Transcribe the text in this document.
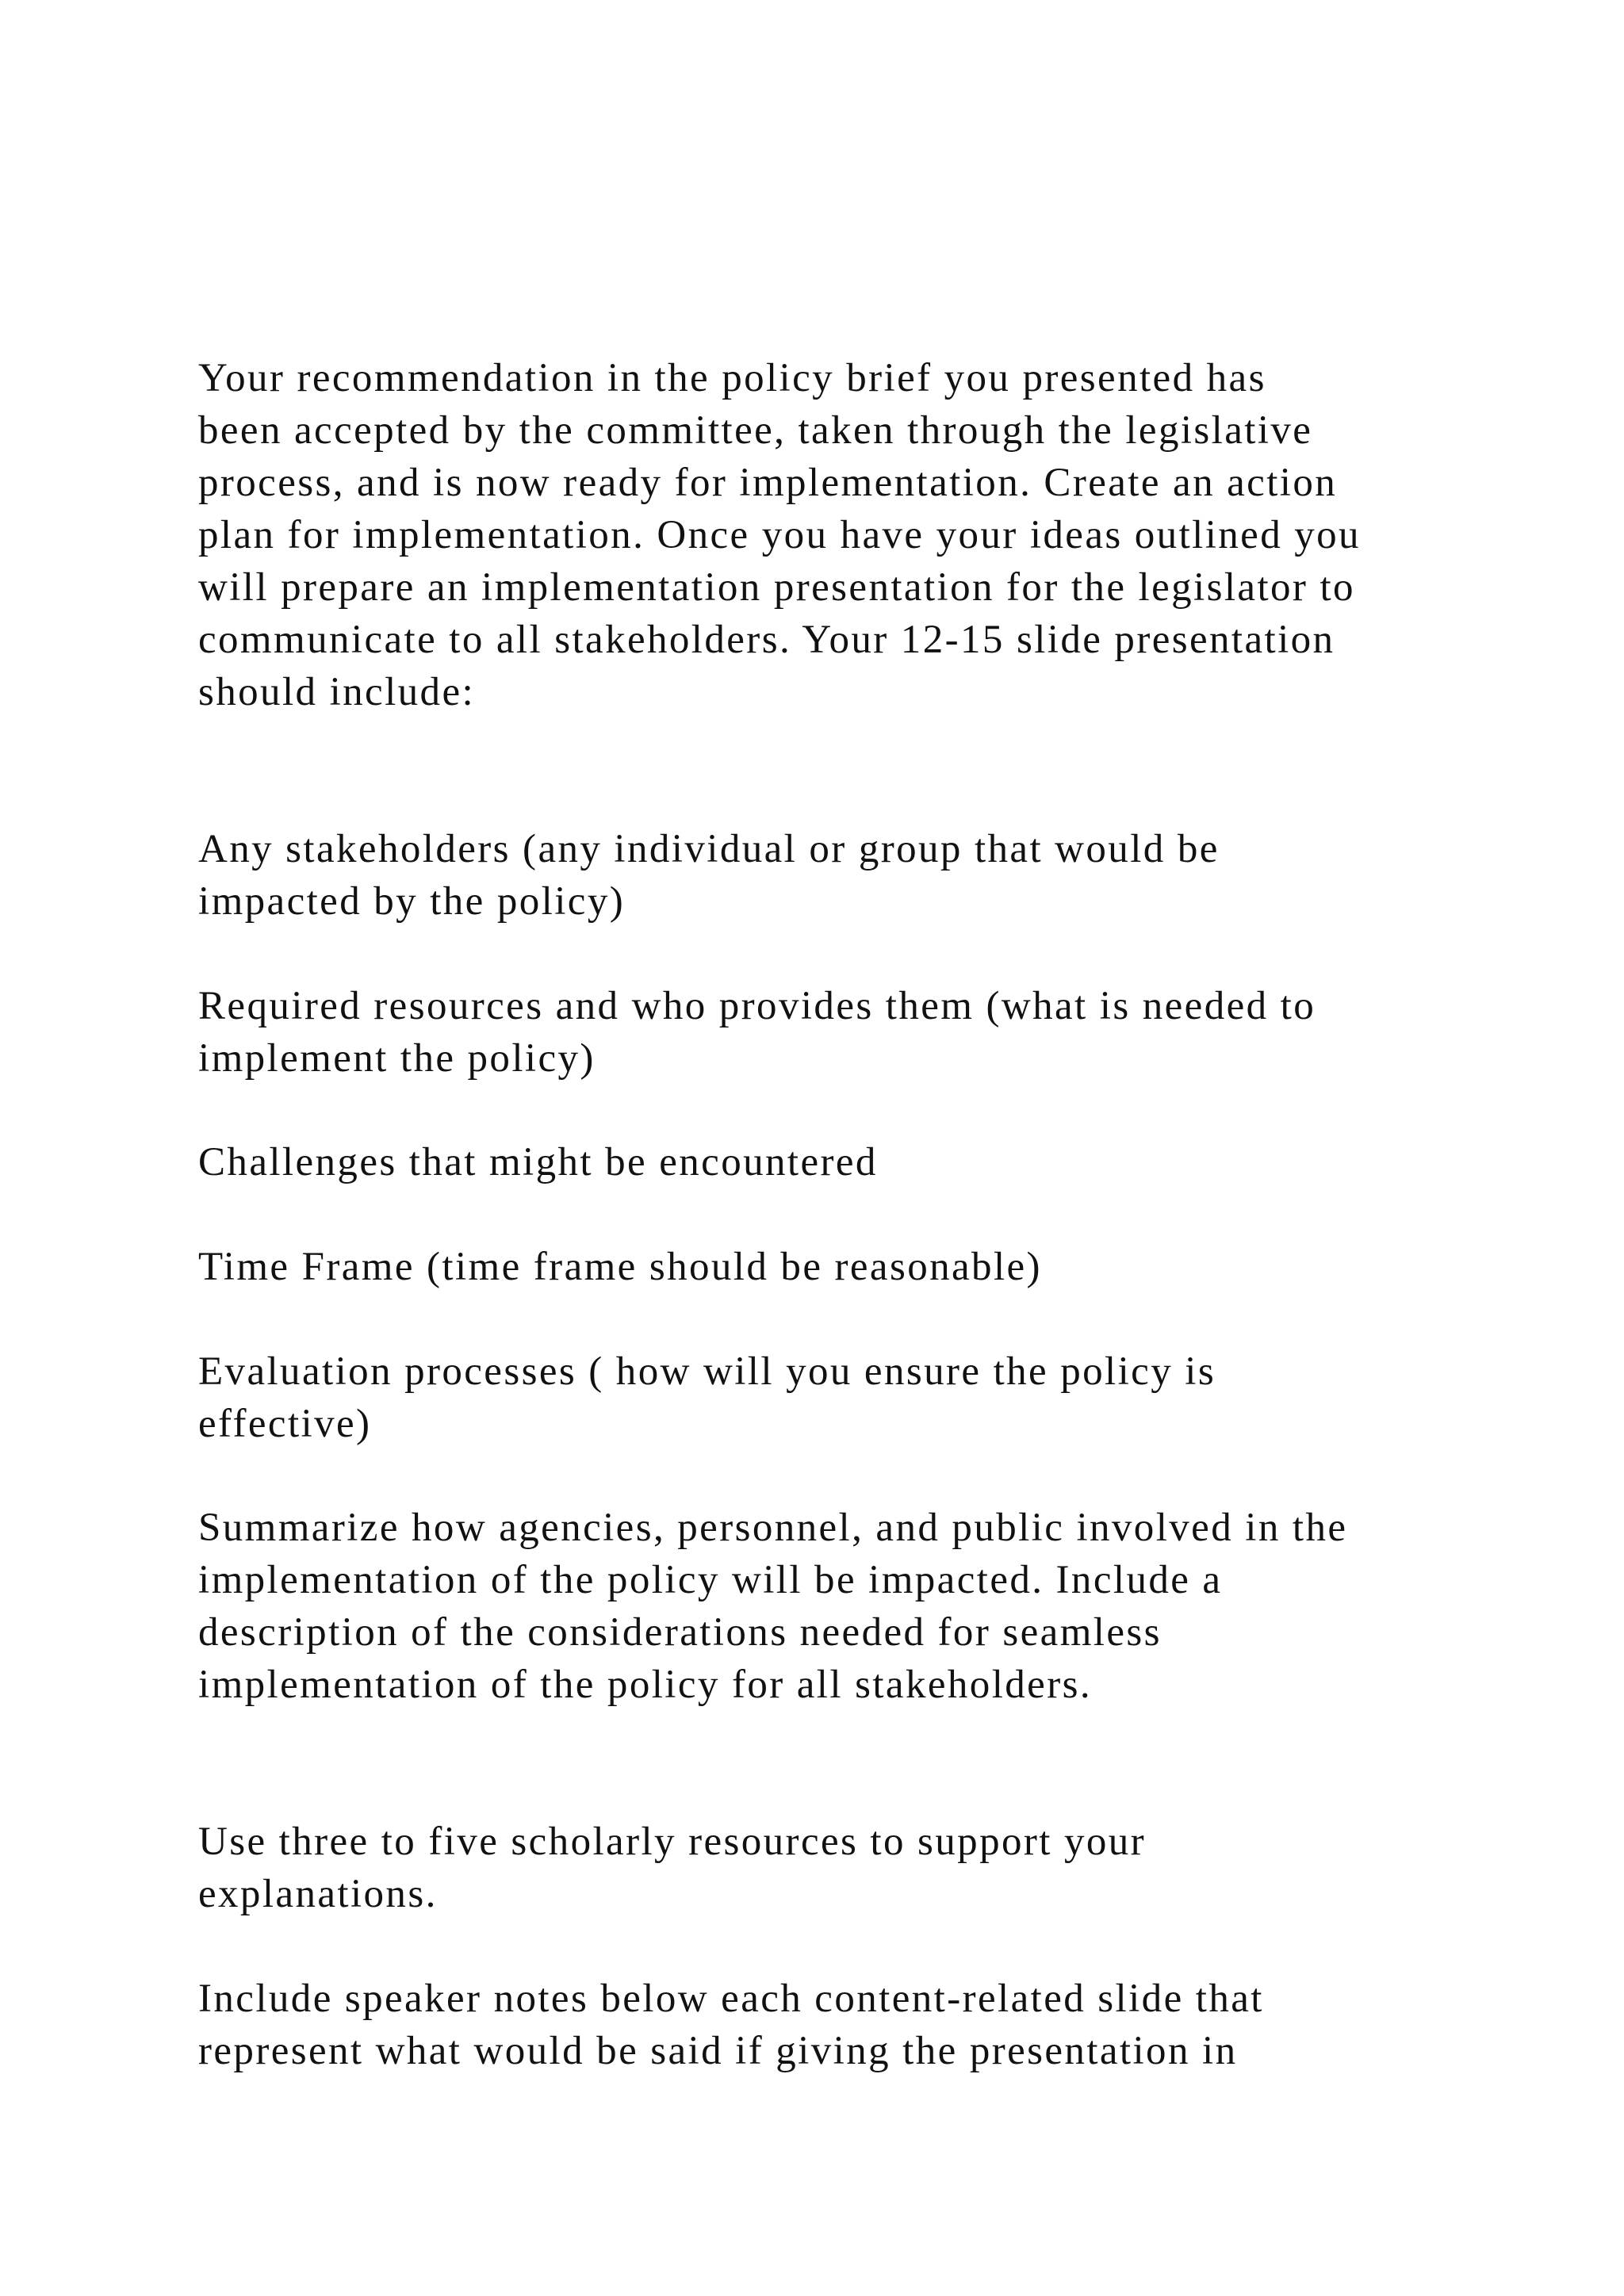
Your recommendation in the policy brief you presented has
been accepted by the committee, taken through the legislative
process, and is now ready for implementation. Create an action
plan for implementation. Once you have your ideas outlined you
will prepare an implementation presentation for the legislator to
communicate to all stakeholders. Your 12-15 slide presentation
should include:

Any stakeholders (any individual or group that would be
impacted by the policy)

Required resources and who provides them (what is needed to
implement the policy)

Challenges that might be encountered

Time Frame (time frame should be reasonable)

Evaluation processes ( how will you ensure the policy is
effective)

Summarize how agencies, personnel, and public involved in the
implementation of the policy will be impacted. Include a
description of the considerations needed for seamless
implementation of the policy for all stakeholders.

Use three to five scholarly resources to support your
explanations.

Include speaker notes below each content-related slide that
represent what would be said if giving the presentation in
